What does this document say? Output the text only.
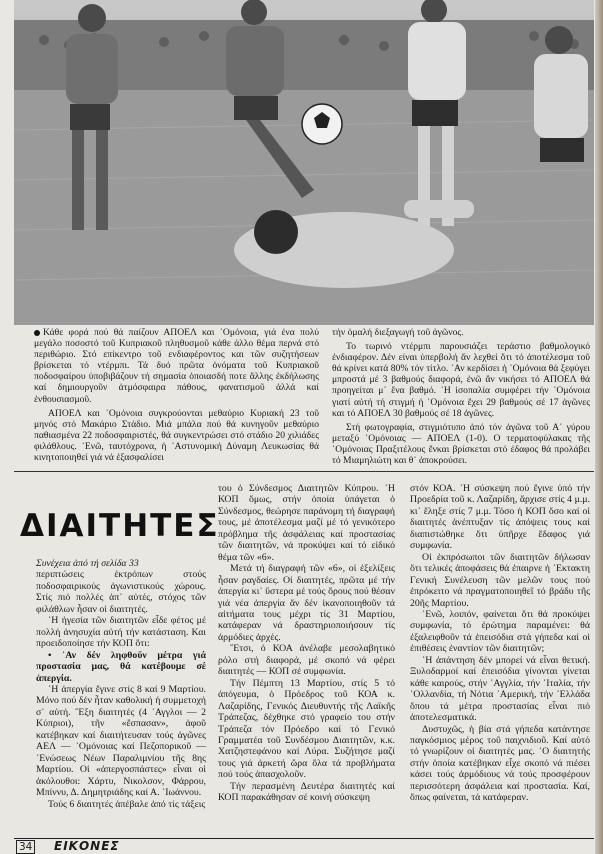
Κάθε φορά πού θά παίζουν ΑΠΟΕΛ και ᾿Ομόνοια, γιά ένα πολύ μεγάλο ποσοστό τοῦ Κυπριακοῦ πληθυσμοῦ κάθε άλλο θέμα περνά στό περιθώριο. Στό επίκεντρο τοῦ ενδιαφέροντος και τῶν συζητήσεων βρίσκεται τό ντέρμπι. Τά δυό πρῶτα ὀνόματα τοῦ Κυπριακοῦ ποδοσφαίρου ὑποβιβάζουν τή σημασία ὁποιασδή ποτε ἄλλης ἐκδήλωσης καί δημιουργοῦν ἀτμόσφαιρα πάθους, φανατισμοῦ ἀλλά καί ἐνθουσιασμοῦ.

ΑΠΟΕΛ και ᾿Ομόνοια συγκρούονται μεθαύριο Κυριακή 23 τοῦ μηνός στό Μακάριο Στάδιο. Μιά μπάλα πού θά κυνηγοῦν μεθαύριο παθιασμένα 22 ποδοσφαιριστές, θά συγκεντρώσει στό στάδιο 20 χιλιάδες φιλάθλους. ᾿Ενῶ, ταυτόχρονα, ἡ ᾿Αστυνομική Δύναμη Λευκωσίας θά κινητοποιηθεί γιά νά ἐξασφαλίσει

τήν ὁμαλή διεξαγωγή τοῦ ἀγῶνος.

Το τωρινό ντέρμπι παρουσιάζει τεράστιο βαθμολογικό ἐνδιαφέρον. Δέν είναι ὑπερβολή ἄν λεχθεί ὅτι τό ἀποτέλεσμα τοῦ θά κρίνει κατά 80% τόν τίτλο. ᾿Αν κερδίσει ἡ ᾿Ομόνοια θά ξεφύγει μπροστά μέ 3 βαθμούς διαφορά, ἐνῶ ἄν νικήσει τό ΑΠΟΕΛ θά προηγείται μ᾿ ἕνα βαθμό. ῾Η ἰσοπαλία συμφέρει τήν ᾿Ομόνοια γιατί αὐτή τή στιγμή ἡ ᾿Ομόνοια ἔχει 29 βαθμούς σέ 17 ἀγῶνες και τό ΑΠΟΕΛ 30 βαθμούς σέ 18 ἀγῶνες.

Στή φωτογραφία, στιγμιότυπο ἀπό τόν ἀγῶνα τοῦ Α᾿ γύρου μεταξύ ᾿Ομόνοιας — ΑΠΟΕΛ (1-0). Ο τερματοφύλακας τῆς ᾿Ομόνοιας Πραξιτέλους ἔνκαι βρίσκεται στό έδαφος θά προλάβει τό Μιαμηλιώτη και θ᾿ ἀποκρούσει.

ΔΙΑΙΤΗΤΕΣ

Συνέχεια ἀπό τή σελίδα 33

περιπτώσεις ἐκτρόπων στούς ποδοσφαιρικούς ἀγωνιστικούς χώρους. Στίς πιό πολλές ἀπ᾿ αὐτές, στόχος τῶν φιλάθλων ἦσαν οἱ διαιτητές.

῾Η ἡγεσία τῶν διαιτητῶν εἶδε φέτος μέ πολλή ἀνησυχία αὐτή τήν κατάσταση. Και προειδοποίησε τήν ΚΟΠ ὅτι:

• ᾿Αν δέν ληφθοῦν μέτρα γιά προστασία μας, θά κατέβουμε σέ ἀπεργία.

῾Η ἀπεργία ἔγινε στίς 8 καί 9 Μαρτίου. Μόνο πού δέν ἦταν καθολική ἡ συμμετοχή σ᾿ αὐτή. ῞Εξη διαιτητές (4 ᾿Αγγλοι — 2 Κύπριοι), τῆν «ἔσπασαν», ἀφοῦ κατέβηκαν καί διαιτήτευσαν τούς ἀγῶνες ΑΕΛ — ᾿Ομόνοιας καί Πεζοπορικοῦ — ᾿Ενώσεως Νέων Παραλιμνίου τῆς 8ης Μαρτίου. Οἱ «ἀπεργοσπάστες» εἶναι οἱ ἀκόλουθοι: Χάρτυ, Νικολσον, Φάρρου, Μπίννυ, Δ. Δημητριάδης καί Α. ᾿Ιωάννου.

Τούς 6 διαιτητές ἀπέβαλε ἀπό τίς τάξεις

του ὁ Σύνδεσμος Διαιτητῶν Κύπρου. ῾Η ΚΟΠ ὅμως, στήν ὁποία ὑπάγεται ὁ Σύνδεσμος, θεώρησε παράνομη τή διαγραφή τους, μέ ἀποτέλεσμα μαζί μέ τό γενικότερο πρόβλημα τῆς ἀσφάλειας καί προστασίας τῶν διαιτητῶν, νά προκύψει καί τό εἰδικό θέμα τῶν «6».

Μετά τή διαγραφή τῶν «6», οἱ ἐξελίξεις ἦσαν ραγδαίες. Οἱ διαιτητές, πρῶτα μέ τήν ἀπεργία κι᾿ ὕστερα μέ τούς ὅρους πού θέσαν γιά νέα ἀπεργία ἄν δέν ἱκανοποιηθοῦν τά αἰτήματα τους μέχρι τίς 31 Μαρτίου, κατάφεραν νά δραστηριοποιήσουν τίς ἁρμόδιες ἀρχές.

῎Ετσι, ὁ ΚΟΑ ἀνέλαβε μεσολαβητικό ρόλο στή διαφορά, μέ σκοπό νά φέρει διαιτητές — ΚΟΠ σέ συμφωνία.

Τήν Πέμπτη 13 Μαρτίου, στίς 5 τό ἀπόγευμα, ὁ Πρόεδρος τοῦ ΚΟΑ κ. Λαζαρίδης, Γενικός Διευθυντής τῆς Λαϊκῆς Τράπεζας, δέχθηκε στό γραφείο του στήν Τράπεζα τόν Πρόεδρο καί τό Γενικό Γραμματέα τοῦ Συνδέσμου Διαιτητῶν, κ.κ. Χατζηστεφάνου καί Λύρα. Συζήτησε μαζί τους γιά ἀρκετή ὥρα ὅλα τά προβλήματα πού τούς ἀπασχολοῦν.

Τήν περασμένη Δευτέρα διαιτητές καί ΚΟΠ παρακάθησαν σέ κοινή σύσκεψη

στόν ΚΟΑ. ῾Η σύσκεψη πού ἔγινε ὑπό τήν Προεδρία τοῦ κ. Λαζαρίδη, ἄρχισε στίς 4 μ.μ. κι᾿ ἔληξε στίς 7 μ.μ. Τόσο ἡ ΚΟΠ ὅσο καί οἱ διαιτητές ἀνέπτυξαν τίς ἀπόψεις τους καί διαπιστώθηκε ὅτι ὑπῆρχε ἔδαφος γιά συμφωνία.

Οἱ ἐκπρόσωποι τῶν διαιτητῶν δήλωσαν ὅτι τελικές ἀποφάσεις θά ἐπαιρνε ἡ ᾿Εκτακτη Γενική Συνέλευση τῶν μελῶν τους πού ἐπρόκειτο νά πραγματοποιηθεῖ τό βράδυ τῆς 20ῆς Μαρτίου.

᾿Ενῶ, λοιπόν, φαίνεται ὅτι θά προκύψει συμφωνία, τό ἐρώτημα παραμένει: θά ἐξαλειφθοῦν τά ἐπεισόδια στά γήπεδα καί οἱ ἐπιθέσεις ἐναντίον τῶν διαιτητῶν;

῾Η ἀπάντηση δέν μπορεί νά εἶναι θετική. Ξυλοδαρμοί καί ἐπεισόδια γίνονται γίνεται κάθε καιρούς, στήν ᾿Αγγλία, τήν ᾿Ιταλία, τήν ᾿Ολλανδία, τή Νότια ᾿Αμερική, τήν ᾿Ελλάδα ὅπου τά μέτρα προστασίας εἶναι πιό ἀποτελεσματικά.

Δυστυχῶς, ἡ βία στά γήπεδα κατάντησε παγκόσμιος μέρος τοῦ παιχνιδιοῦ. Καί αὐτό τό γνωρίζουν οἱ διαιτητές μας. ῾Ο διαιτητής στήν ὁποία κατέβηκαν εἶχε σκοπό νά πιέσει κάσει τούς ἁρμόδιους νά τούς προσφέρουν περισσότερη ἀσφάλεια καί προστασία. Καί, ὅπως φαίνεται, τά κατάφεραν.

34 ΕΙΚΟΝΕΣ
